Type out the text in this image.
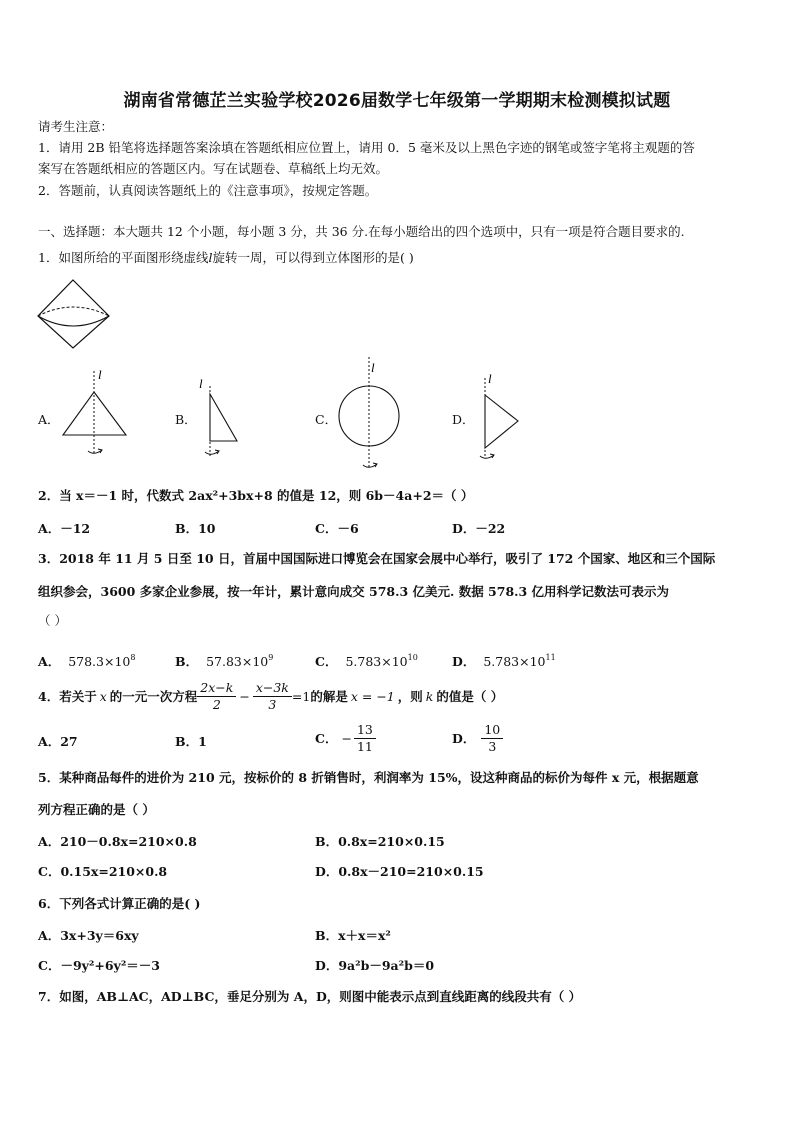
湖南省常德芷兰实验学校2026届数学七年级第一学期期末检测模拟试题
请考生注意：
1．请用 2B 铅笔将选择题答案涂填在答题纸相应位置上，请用 0．5 毫米及以上黑色字迹的钢笔或签字笔将主观题的答
案写在答题纸相应的答题区内。写在试题卷、草稿纸上均无效。
2．答题前，认真阅读答题纸上的《注意事项》，按规定答题。
一、选择题：本大题共 12 个小题，每小题 3 分，共 36 分.在每小题给出的四个选项中，只有一项是符合题目要求的.
1．如图所给的平面图形绕虚线l旋转一周，可以得到立体图形的是( )
A．
l
B．
l
C．
l
D．
l
2．当 x＝－1 时，代数式 2ax²+3bx+8 的值是 12，则 6b－4a+2＝（ ）
A．－12	B．10	C．－6	D．－22
3．2018 年 11 月 5 日至 10 日，首届中国国际进口博览会在国家会展中心举行，吸引了 172 个国家、地区和三个国际
组织参会，3600 多家企业参展，按一年计，累计意向成交 578.3 亿美元. 数据 578.3 亿用科学记数法可表示为
（ ）
A． $578.3\times 10^8$	B． $57.83\times 10^9$	C． $5.783\times 10^{10}$	D． $5.783\times 10^{11}$
4．若关于 x 的一元一次方程 $\frac{2x-k}{2} - \frac{x-3k}{3} =1$ 的解是 x = −1 ，则 k 的值是（ ）
A．27	B．1	C． − $\frac{13}{11}$	D． $\frac{10}{3}$
5．某种商品每件的进价为 210 元，按标价的 8 折销售时，利润率为 15%，设这种商品的标价为每件 x 元，根据题意
列方程正确的是（ ）
A．210－0.8x=210×0.8	B．0.8x=210×0.15
C．0.15x=210×0.8	D．0.8x－210=210×0.15
6．下列各式计算正确的是( )
A．3x+3y＝6xy	B．x＋x＝x²
C．－9y²+6y²＝－3	D．9a²b－9a²b＝0
7．如图，AB⊥AC，AD⊥BC，垂足分别为 A，D，则图中能表示点到直线距离的线段共有（ ）
